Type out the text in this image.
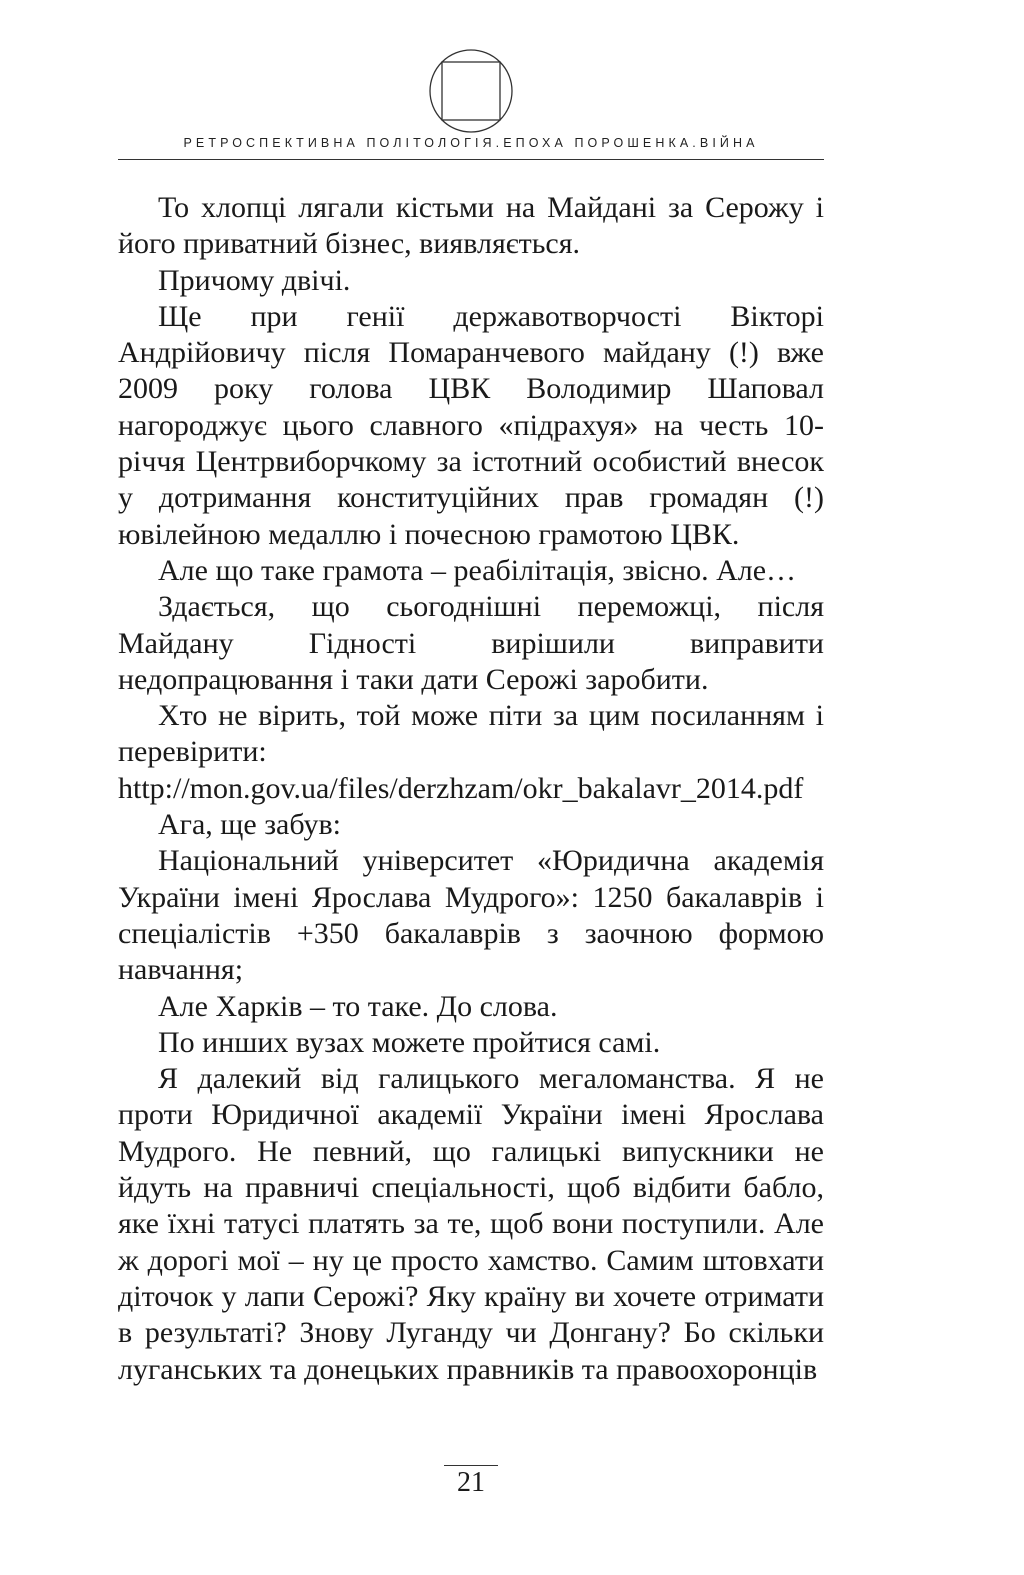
РЕТРОСПЕКТИВНА ПОЛІТОЛОГІЯ.ЕПОХА ПОРОШЕНКА.ВІЙНА

То хлопці лягали кістьми на Майдані за Серожу і його приватний бізнес, виявляється.

Причому двічі.

Ще при генії державотворчості Вікторі Андрійовичу після Помаранчевого майдану (!) вже 2009 року голова ЦВК Володимир Шаповал нагороджує цього славного «підрахуя» на честь 10-річчя Центрвиборчкому за істотний особистий внесок у дотримання конституційних прав громадян (!) ювілейною медаллю і почесною грамотою ЦВК.

Але що таке грамота – реабілітація, звісно. Але…

Здається, що сьогоднішні переможці, після Майдану Гідності вирішили виправити недопрацювання і таки дати Серожі заробити.

Хто не вірить, той може піти за цим посиланням і перевірити: http://mon.gov.ua/files/derzhzam/okr_bakalavr_2014.pdf

Ага, ще забув:

Національний університет «Юридична академія України імені Ярослава Мудрого»: 1250 бакалаврів і спеціалістів +350 бакалаврів з заочною формою навчання;

Але Харків – то таке. До слова.

По инших вузах можете пройтися самі.

Я далекий від галицького мегаломанства. Я не проти Юридичної академії України імені Ярослава Мудрого. Не певний, що галицькі випускники не йдуть на правничі спеціальності, щоб відбити бабло, яке їхні татусі платять за те, щоб вони поступили. Але ж дорогі мої – ну це просто хамство. Самим штовхати діточок у лапи Серожі? Яку країну ви хочете отримати в результаті? Знову Луганду чи Донгану? Бо скільки луганських та донецьких правників та правоохоронців

21
